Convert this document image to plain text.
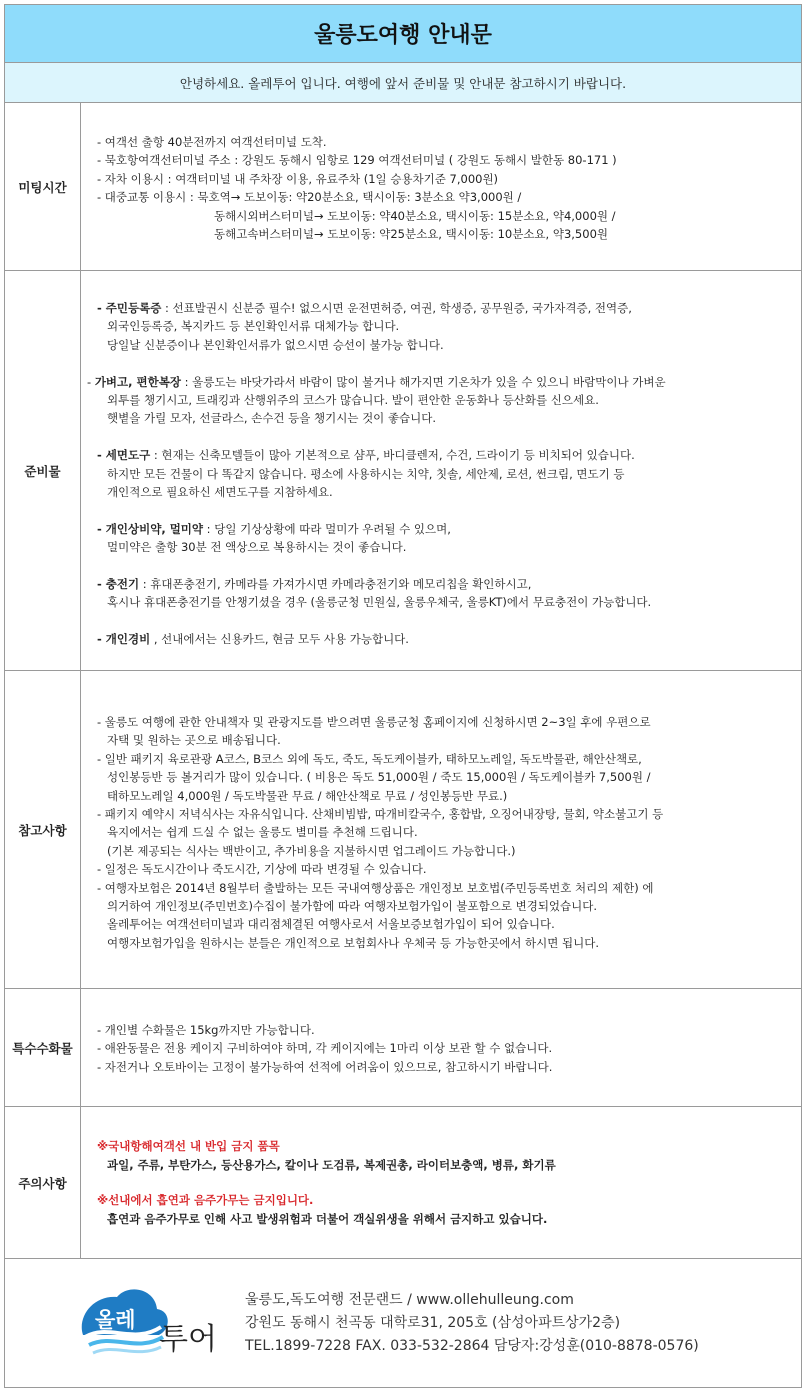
울릉도여행 안내문
안녕하세요. 올레투어 입니다. 여행에 앞서 준비물 및 안내문 참고하시기 바랍니다.
미팅시간
- 여객선 출항 40분전까지 여객선터미널 도착.
- 묵호항여객선터미널 주소 : 강원도 동해시 임항로 129 여객선터미널 ( 강원도 동해시 발한동 80-171 )
- 자차 이용시 : 여객터미널 내 주차장 이용, 유료주차 (1일 승용차기준 7,000원)
- 대중교통 이용시 : 묵호역→ 도보이동: 약20분소요, 택시이동: 3분소요 약3,000원 /
동해시외버스터미널→ 도보이동: 약40분소요, 택시이동: 15분소요, 약4,000원 /
동해고속버스터미널→ 도보이동: 약25분소요, 택시이동: 10분소요, 약3,500원
준비물
- 주민등록증 : 선표발권시 신분증 필수! 없으시면 운전면허증, 여권, 학생증, 공무원증, 국가자격증, 전역증,
외국인등록증, 복지카드 등 본인확인서류 대체가능 합니다.
당일날 신분증이나 본인확인서류가 없으시면 승선이 불가능 합니다.
- 가벼고, 편한복장 : 울릉도는 바닷가라서 바람이 많이 불거나 해가지면 기온차가 있을 수 있으니 바람막이나 가벼운
외투를 챙기시고, 트래킹과 산행위주의 코스가 많습니다. 발이 편안한 운동화나 등산화를 신으세요.
햇볕을 가릴 모자, 선글라스, 손수건 등을 챙기시는 것이 좋습니다.
- 세면도구 : 현재는 신축모텔들이 많아 기본적으로 샴푸, 바디클렌저, 수건, 드라이기 등 비치되어 있습니다.
하지만 모든 건물이 다 똑같지 않습니다. 평소에 사용하시는 치약, 칫솔, 세안제, 로션, 썬크림, 면도기 등
개인적으로 필요하신 세면도구를 지참하세요.
- 개인상비약, 멀미약 : 당일 기상상황에 따라 멀미가 우려될 수 있으며,
멀미약은 출항 30분 전 액상으로 복용하시는 것이 좋습니다.
- 충전기 : 휴대폰충전기, 카메라를 가져가시면 카메라충전기와 메모리칩을 확인하시고,
혹시나 휴대폰충전기를 안챙기셨을 경우 (울릉군청 민원실, 울릉우체국, 울릉KT)에서 무료충전이 가능합니다.
- 개인경비 , 선내에서는 신용카드, 현금 모두 사용 가능합니다.
참고사항
- 울릉도 여행에 관한 안내책자 및 관광지도를 받으려면 울릉군청 홈페이지에 신청하시면 2~3일 후에 우편으로
자택 및 원하는 곳으로 배송됩니다.
- 일반 패키지 육로관광 A코스, B코스 외에 독도, 죽도, 독도케이블카, 태하모노레일, 독도박물관, 해안산책로,
성인봉등반 등 볼거리가 많이 있습니다. ( 비용은 독도 51,000원 / 죽도 15,000원 / 독도케이블카 7,500원 /
태하모노레일 4,000원 / 독도박물관 무료 / 해안산책로 무료 / 성인봉등반 무료.)
- 패키지 예약시 저녁식사는 자유식입니다. 산채비빔밥, 따개비칼국수, 홍합밥, 오징어내장탕, 물회, 약소불고기 등
육지에서는 쉽게 드실 수 없는 울릉도 별미를 추천해 드립니다.
(기본 제공되는 식사는 백반이고, 추가비용을 지불하시면 업그레이드 가능합니다.)
- 일정은 독도시간이나 죽도시간, 기상에 따라 변경될 수 있습니다.
- 여행자보험은 2014년 8월부터 출발하는 모든 국내여행상품은 개인정보 보호법(주민등록번호 처리의 제한) 에
의거하여 개인정보(주민번호)수집이 불가함에 따라 여행자보험가입이 불포함으로 변경되었습니다.
올레투어는 여객선터미널과 대리점체결된 여행사로서 서울보증보험가입이 되어 있습니다.
여행자보험가입을 원하시는 분들은 개인적으로 보험회사나 우체국 등 가능한곳에서 하시면 됩니다.
특수수화물
- 개인별 수화물은 15kg까지만 가능합니다.
- 애완동물은 전용 케이지 구비하여야 하며, 각 케이지에는 1마리 이상 보관 할 수 없습니다.
- 자전거나 오토바이는 고정이 불가능하여 선적에 어려움이 있으므로, 참고하시기 바랍니다.
주의사항
※국내항해여객선 내 반입 금지 품목
과일, 주류, 부탄가스, 등산용가스, 칼이나 도검류, 복제권총, 라이터보충액, 병류, 화기류
※선내에서 흡연과 음주가무는 금지입니다.
흡연과 음주가무로 인해 사고 발생위험과 더불어 객실위생을 위해서 금지하고 있습니다.
올레
투어
울릉도,독도여행 전문랜드 / www.ollehulleung.com
강원도 동해시 천곡동 대학로31, 205호 (삼성아파트상가2층)
TEL.1899-7228 FAX. 033-532-2864 담당자:강성훈(010-8878-0576)
